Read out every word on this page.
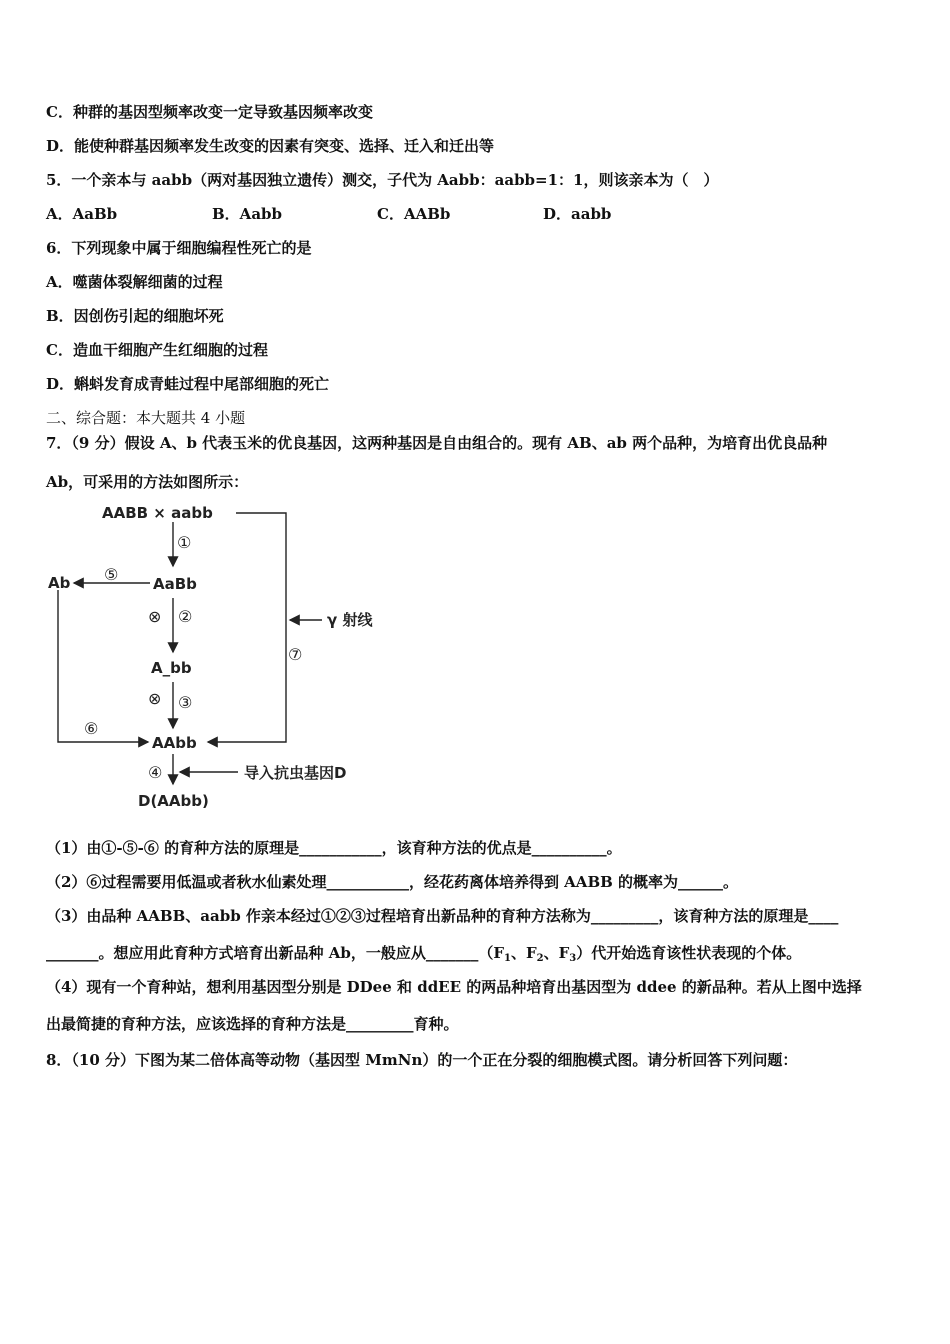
C．种群的基因型频率改变一定导致基因频率改变
D．能使种群基因频率发生改变的因素有突变、选择、迁入和迁出等
5．一个亲本与 aabb（两对基因独立遗传）测交，子代为 Aabb：aabb=1：1，则该亲本为（　）
A．AaBb	B．Aabb	C．AABb	D．aabb
6．下列现象中属于细胞编程性死亡的是
A．噬菌体裂解细菌的过程
B．因创伤引起的细胞坏死
C．造血干细胞产生红细胞的过程
D．蝌蚪发育成青蛙过程中尾部细胞的死亡
二、综合题：本大题共 4 小题
7．（9 分）假设 A、b 代表玉米的优良基因，这两种基因是自由组合的。现有 AB、ab 两个品种，为培育出优良品种
Ab，可采用的方法如图所示：
AABB × aabb
AaBb
Ab
A_bb
AAbb
D(AAbb)
γ 射线
导入抗虫基因D
①
⑤
②
⊗
③
⊗
⑥
⑦
④
（1）由①-⑤-⑥ 的育种方法的原理是___________，该育种方法的优点是__________。
（2）⑥过程需要用低温或者秋水仙素处理___________，经花药离体培养得到 AABB 的概率为______。
（3）由品种 AABB、aabb 作亲本经过①②③过程培育出新品种的育种方法称为_________，该育种方法的原理是____
_______。想应用此育种方式培育出新品种 Ab，一般应从$\_\_\_\_\_\_\_(F_1$、$F_2$、$F_3$）代开始选育该性状表现的个体。
（4）现有一个育种站，想利用基因型分别是 DDee 和 ddEE 的两品种培育出基因型为 ddee 的新品种。若从上图中选择
出最简捷的育种方法，应该选择的育种方法是_________育种。
8．（10 分）下图为某二倍体高等动物（基因型 MmNn）的一个正在分裂的细胞模式图。请分析回答下列问题：
